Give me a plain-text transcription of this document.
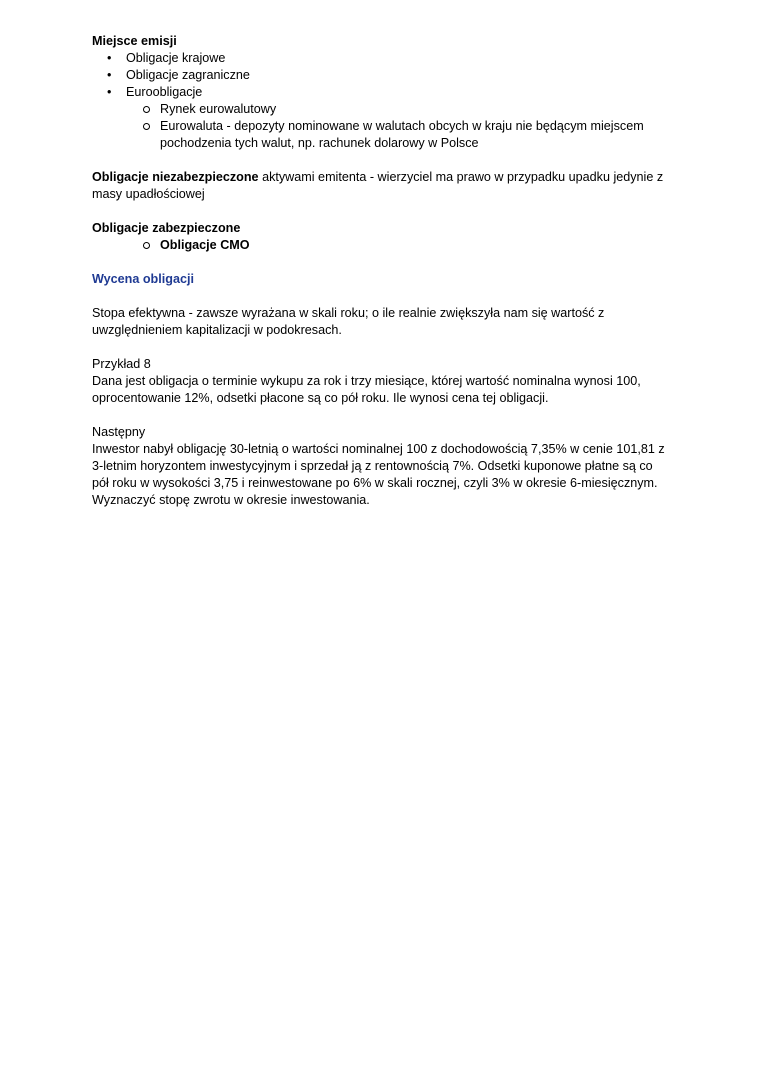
Miejsce emisji

• Obligacje krajowe
• Obligacje zagraniczne
• Euroobligacje
Rynek eurowalutowy
Eurowaluta - depozyty nominowane w walutach obcych w kraju nie będącym miejscem pochodzenia tych walut, np. rachunek dolarowy w Polsce

Obligacje niezabezpieczone aktywami emitenta - wierzyciel ma prawo w przypadku upadku jedynie z masy upadłościowej

Obligacje zabezpieczone

Obligacje CMO

Wycena obligacji

Stopa efektywna - zawsze wyrażana w skali roku; o ile realnie zwiększyła nam się wartość z uwzględnieniem kapitalizacji w podokresach.

Przykład 8

Dana jest obligacja o terminie wykupu za rok i trzy miesiące, której wartość nominalna wynosi 100, oprocentowanie 12%, odsetki płacone są co pół roku. Ile wynosi cena tej obligacji.

Następny

Inwestor nabył obligację 30-letnią o wartości nominalnej 100 z dochodowością 7,35% w cenie 101,81 z 3-letnim horyzontem inwestycyjnym i sprzedał ją z rentownością 7%. Odsetki kuponowe płatne są co pół roku w wysokości 3,75 i reinwestowane po 6% w skali rocznej, czyli 3% w okresie 6-miesięcznym. Wyznaczyć stopę zwrotu w okresie inwestowania.
